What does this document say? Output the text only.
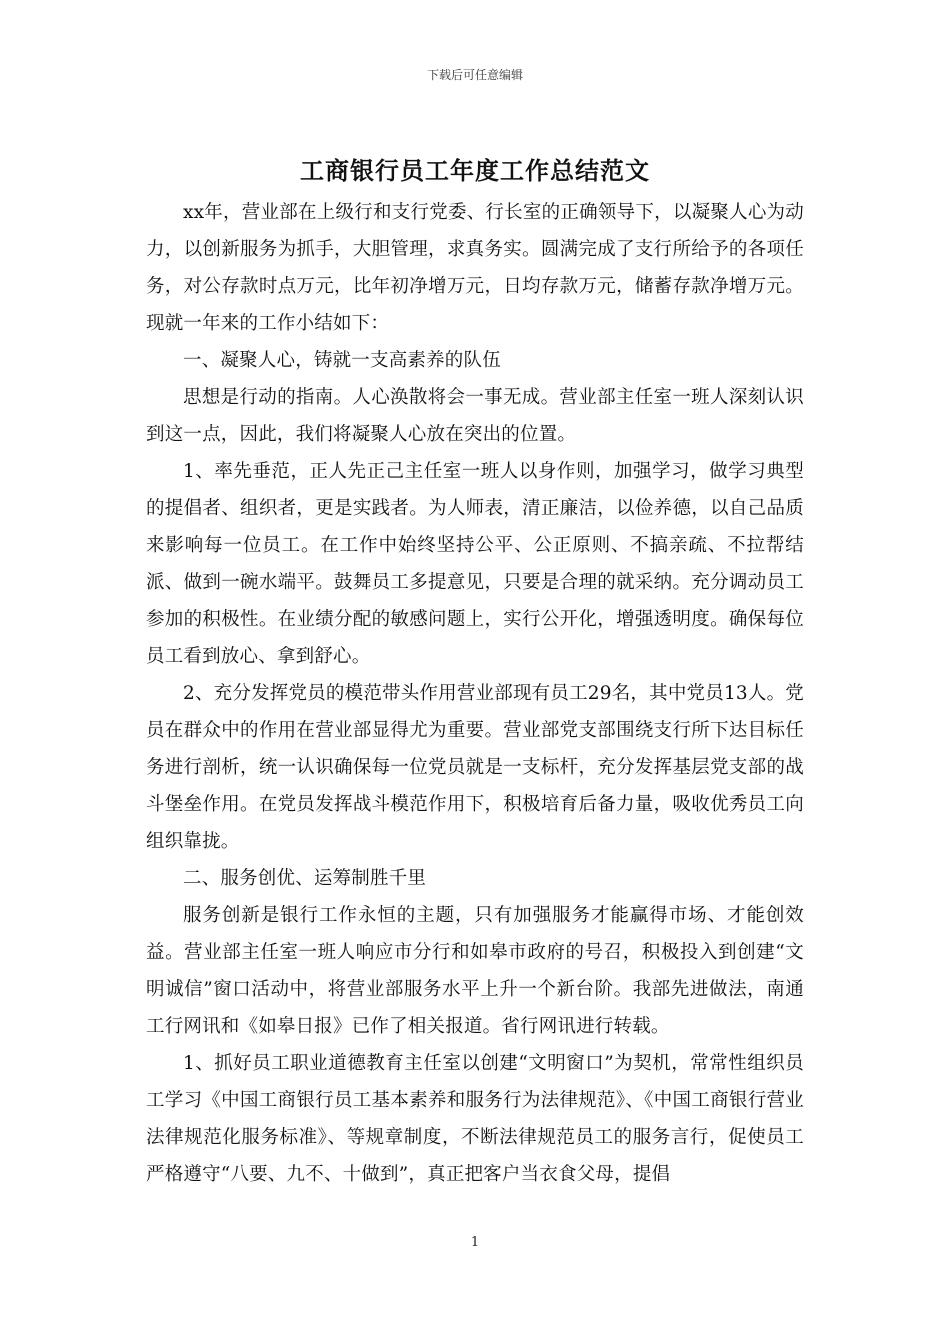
下载后可任意编辑
工商银行员工年度工作总结范文

xx年，营业部在上级行和支行党委、行长室的正确领导下，以凝聚人心为动力，以创新服务为抓手，大胆管理，求真务实。圆满完成了支行所给予的各项任务，对公存款时点万元，比年初净增万元，日均存款万元，储蓄存款净增万元。现就一年来的工作小结如下：

一、凝聚人心，铸就一支高素养的队伍

思想是行动的指南。人心涣散将会一事无成。营业部主任室一班人深刻认识到这一点，因此，我们将凝聚人心放在突出的位置。

1、率先垂范，正人先正己主任室一班人以身作则，加强学习，做学习典型的提倡者、组织者，更是实践者。为人师表，清正廉洁，以俭养德，以自己品质来影响每一位员工。在工作中始终坚持公平、公正原则、不搞亲疏、不拉帮结派、做到一碗水端平。鼓舞员工多提意见，只要是合理的就采纳。充分调动员工参加的积极性。在业绩分配的敏感问题上，实行公开化，增强透明度。确保每位员工看到放心、拿到舒心。

2、充分发挥党员的模范带头作用营业部现有员工29名，其中党员13人。党员在群众中的作用在营业部显得尤为重要。营业部党支部围绕支行所下达目标任务进行剖析，统一认识确保每一位党员就是一支标杆，充分发挥基层党支部的战斗堡垒作用。在党员发挥战斗模范作用下，积极培育后备力量，吸收优秀员工向组织靠拢。

二、服务创优、运筹制胜千里

服务创新是银行工作永恒的主题，只有加强服务才能赢得市场、才能创效益。营业部主任室一班人响应市分行和如皋市政府的号召，积极投入到创建“文明诚信”窗口活动中，将营业部服务水平上升一个新台阶。我部先进做法，南通工行网讯和《如皋日报》已作了相关报道。省行网讯进行转载。

1、抓好员工职业道德教育主任室以创建“文明窗口”为契机，常常性组织员工学习《中国工商银行员工基本素养和服务行为法律规范》、《中国工商银行营业法律规范化服务标准》、等规章制度，不断法律规范员工的服务言行，促使员工严格遵守“八要、九不、十做到”，真正把客户当衣食父母，提倡

1
